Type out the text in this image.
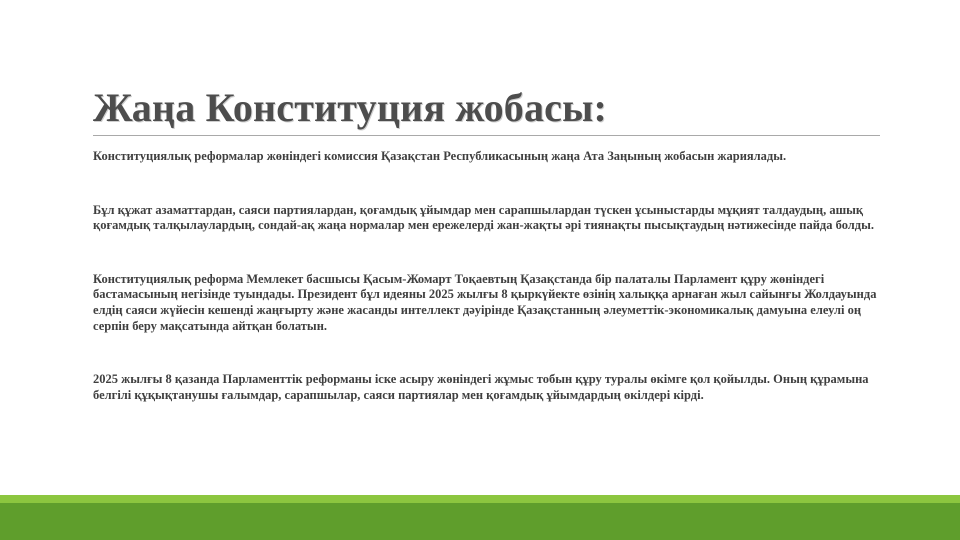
Жаңа Конституция жобасы:

Конституциялық реформалар жөніндегі комиссия Қазақстан Республикасының жаңа Ата Заңының жобасын жариялады.

Бұл құжат азаматтардан, саяси партиялардан, қоғамдық ұйымдар мен сарапшылардан түскен ұсыныстарды мұқият талдаудың, ашық қоғамдық талқылаулардың, сондай-ақ жаңа нормалар мен ережелерді жан-жақты әрі тиянақты пысықтаудың нәтижесінде пайда болды.

Конституциялық реформа Мемлекет басшысы Қасым-Жомарт Тоқаевтың Қазақстанда бір палаталы Парламент құру жөніндегі бастамасының негізінде туындады. Президент бұл идеяны 2025 жылғы 8 қыркүйекте өзінің халыққа арнаған жыл сайынғы Жолдауында елдің саяси жүйесін кешенді жаңғырту және жасанды интеллект дәуірінде Қазақстанның әлеуметтік-экономикалық дамуына елеулі оң серпін беру мақсатында айтқан болатын.

2025 жылғы 8 қазанда Парламенттік реформаны іске асыру жөніндегі жұмыс тобын құру туралы өкімге қол қойылды. Оның құрамына белгілі құқықтанушы ғалымдар, сарапшылар, саяси партиялар мен қоғамдық ұйымдардың өкілдері кірді.
